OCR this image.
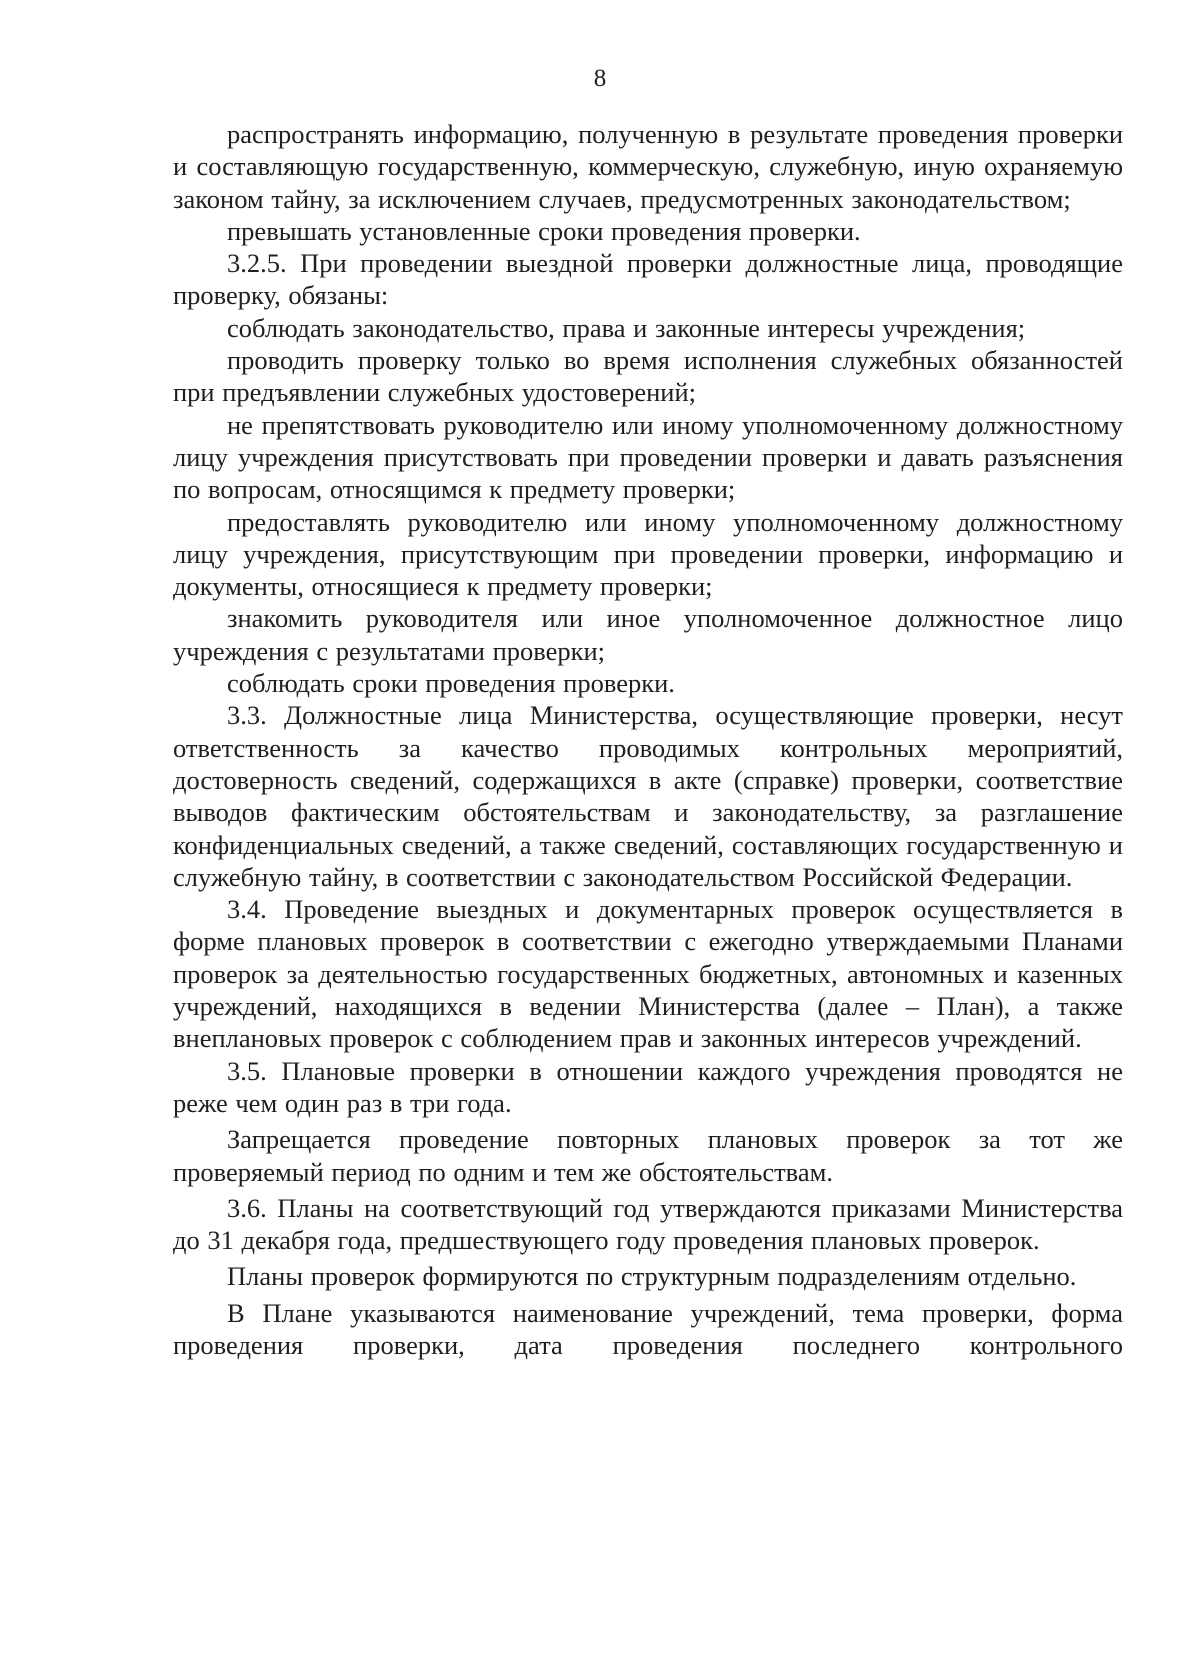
8

распространять информацию, полученную в результате проведения проверки и составляющую государственную, коммерческую, служебную, иную охраняемую законом тайну, за исключением случаев, предусмотренных законодательством;

превышать установленные сроки проведения проверки.

3.2.5. При проведении выездной проверки должностные лица, проводящие проверку, обязаны:

соблюдать законодательство, права и законные интересы учреждения;

проводить проверку только во время исполнения служебных обязанностей при предъявлении служебных удостоверений;

не препятствовать руководителю или иному уполномоченному должностному лицу учреждения присутствовать при проведении проверки и давать разъяснения по вопросам, относящимся к предмету проверки;

предоставлять руководителю или иному уполномоченному должностному лицу учреждения, присутствующим при проведении проверки, информацию и документы, относящиеся к предмету проверки;

знакомить руководителя или иное уполномоченное должностное лицо учреждения с результатами проверки;

соблюдать сроки проведения проверки.

3.3. Должностные лица Министерства, осуществляющие проверки, несут ответственность за качество проводимых контрольных мероприятий, достоверность сведений, содержащихся в акте (справке) проверки, соответствие выводов фактическим обстоятельствам и законодательству, за разглашение конфиденциальных сведений, а также сведений, составляющих государственную и служебную тайну, в соответствии с законодательством Российской Федерации.

3.4. Проведение выездных и документарных проверок осуществляется в форме плановых проверок в соответствии с ежегодно утверждаемыми Планами проверок за деятельностью государственных бюджетных, автономных и казенных учреждений, находящихся в ведении Министерства (далее – План), а также внеплановых проверок с соблюдением прав и законных интересов учреждений.

3.5. Плановые проверки в отношении каждого учреждения проводятся не реже чем один раз в три года.

Запрещается проведение повторных плановых проверок за тот же проверяемый период по одним и тем же обстоятельствам.

3.6. Планы на соответствующий год утверждаются приказами Министерства до 31 декабря года, предшествующего году проведения плановых проверок.

Планы проверок формируются по структурным подразделениям отдельно.

В Плане указываются наименование учреждений, тема проверки, форма проведения проверки, дата проведения последнего контрольного
